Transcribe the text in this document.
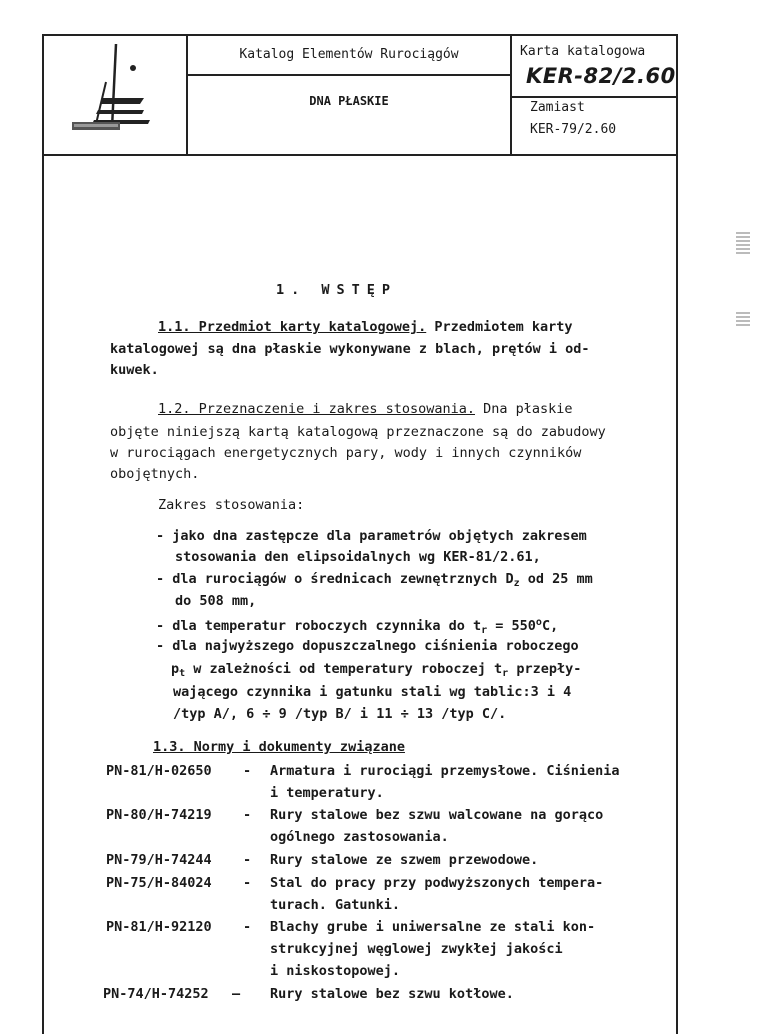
Katalog Elementów Rurociągów
DNA PŁASKIE
Karta katalogowa
KER-82/2.60
Zamiast
KER-79/2.60
1. WSTĘP
1.1. Przedmiot karty katalogowej. Przedmiotem karty
katalogowej są dna płaskie wykonywane z blach, prętów i od-
kuwek.
1.2. Przeznaczenie i zakres stosowania. Dna płaskie
objęte niniejszą kartą katalogową przeznaczone są do zabudowy
w rurociągach energetycznych pary, wody i innych czynników
obojętnych.
Zakres stosowania:
- jako dna zastępcze dla parametrów objętych zakresem
stosowania den elipsoidalnych wg KER-81/2.61,
- dla rurociągów o średnicach zewnętrznych $D_z$ od 25 mm
do 508 mm,
- dla temperatur roboczych czynnika do $t_r = 550^oC$,
- dla najwyższego dopuszczalnego ciśnienia roboczego
$p_t$ w zależności od temperatury roboczej $t_r$ przepły-
wającego czynnika i gatunku stali wg tablic:3 i 4
/typ A/, 6 ÷ 9 /typ B/ i 11 ÷ 13 /typ C/.
1.3. Normy i dokumenty związane
PN-81/H-02650 - Armatura i rurociągi przemysłowe. Ciśnienia
i temperatury.
PN-80/H-74219 - Rury stalowe bez szwu walcowane na gorąco
ogólnego zastosowania.
PN-79/H-74244 - Rury stalowe ze szwem przewodowe.
PN-75/H-84024 - Stal do pracy przy podwyższonych tempera-
turach. Gatunki.
PN-81/H-92120 - Blachy grube i uniwersalne ze stali kon-
strukcyjnej węglowej zwykłej jakości
i niskostopowej.
PN-74/H-74252 — Rury stalowe bez szwu kotłowe.
